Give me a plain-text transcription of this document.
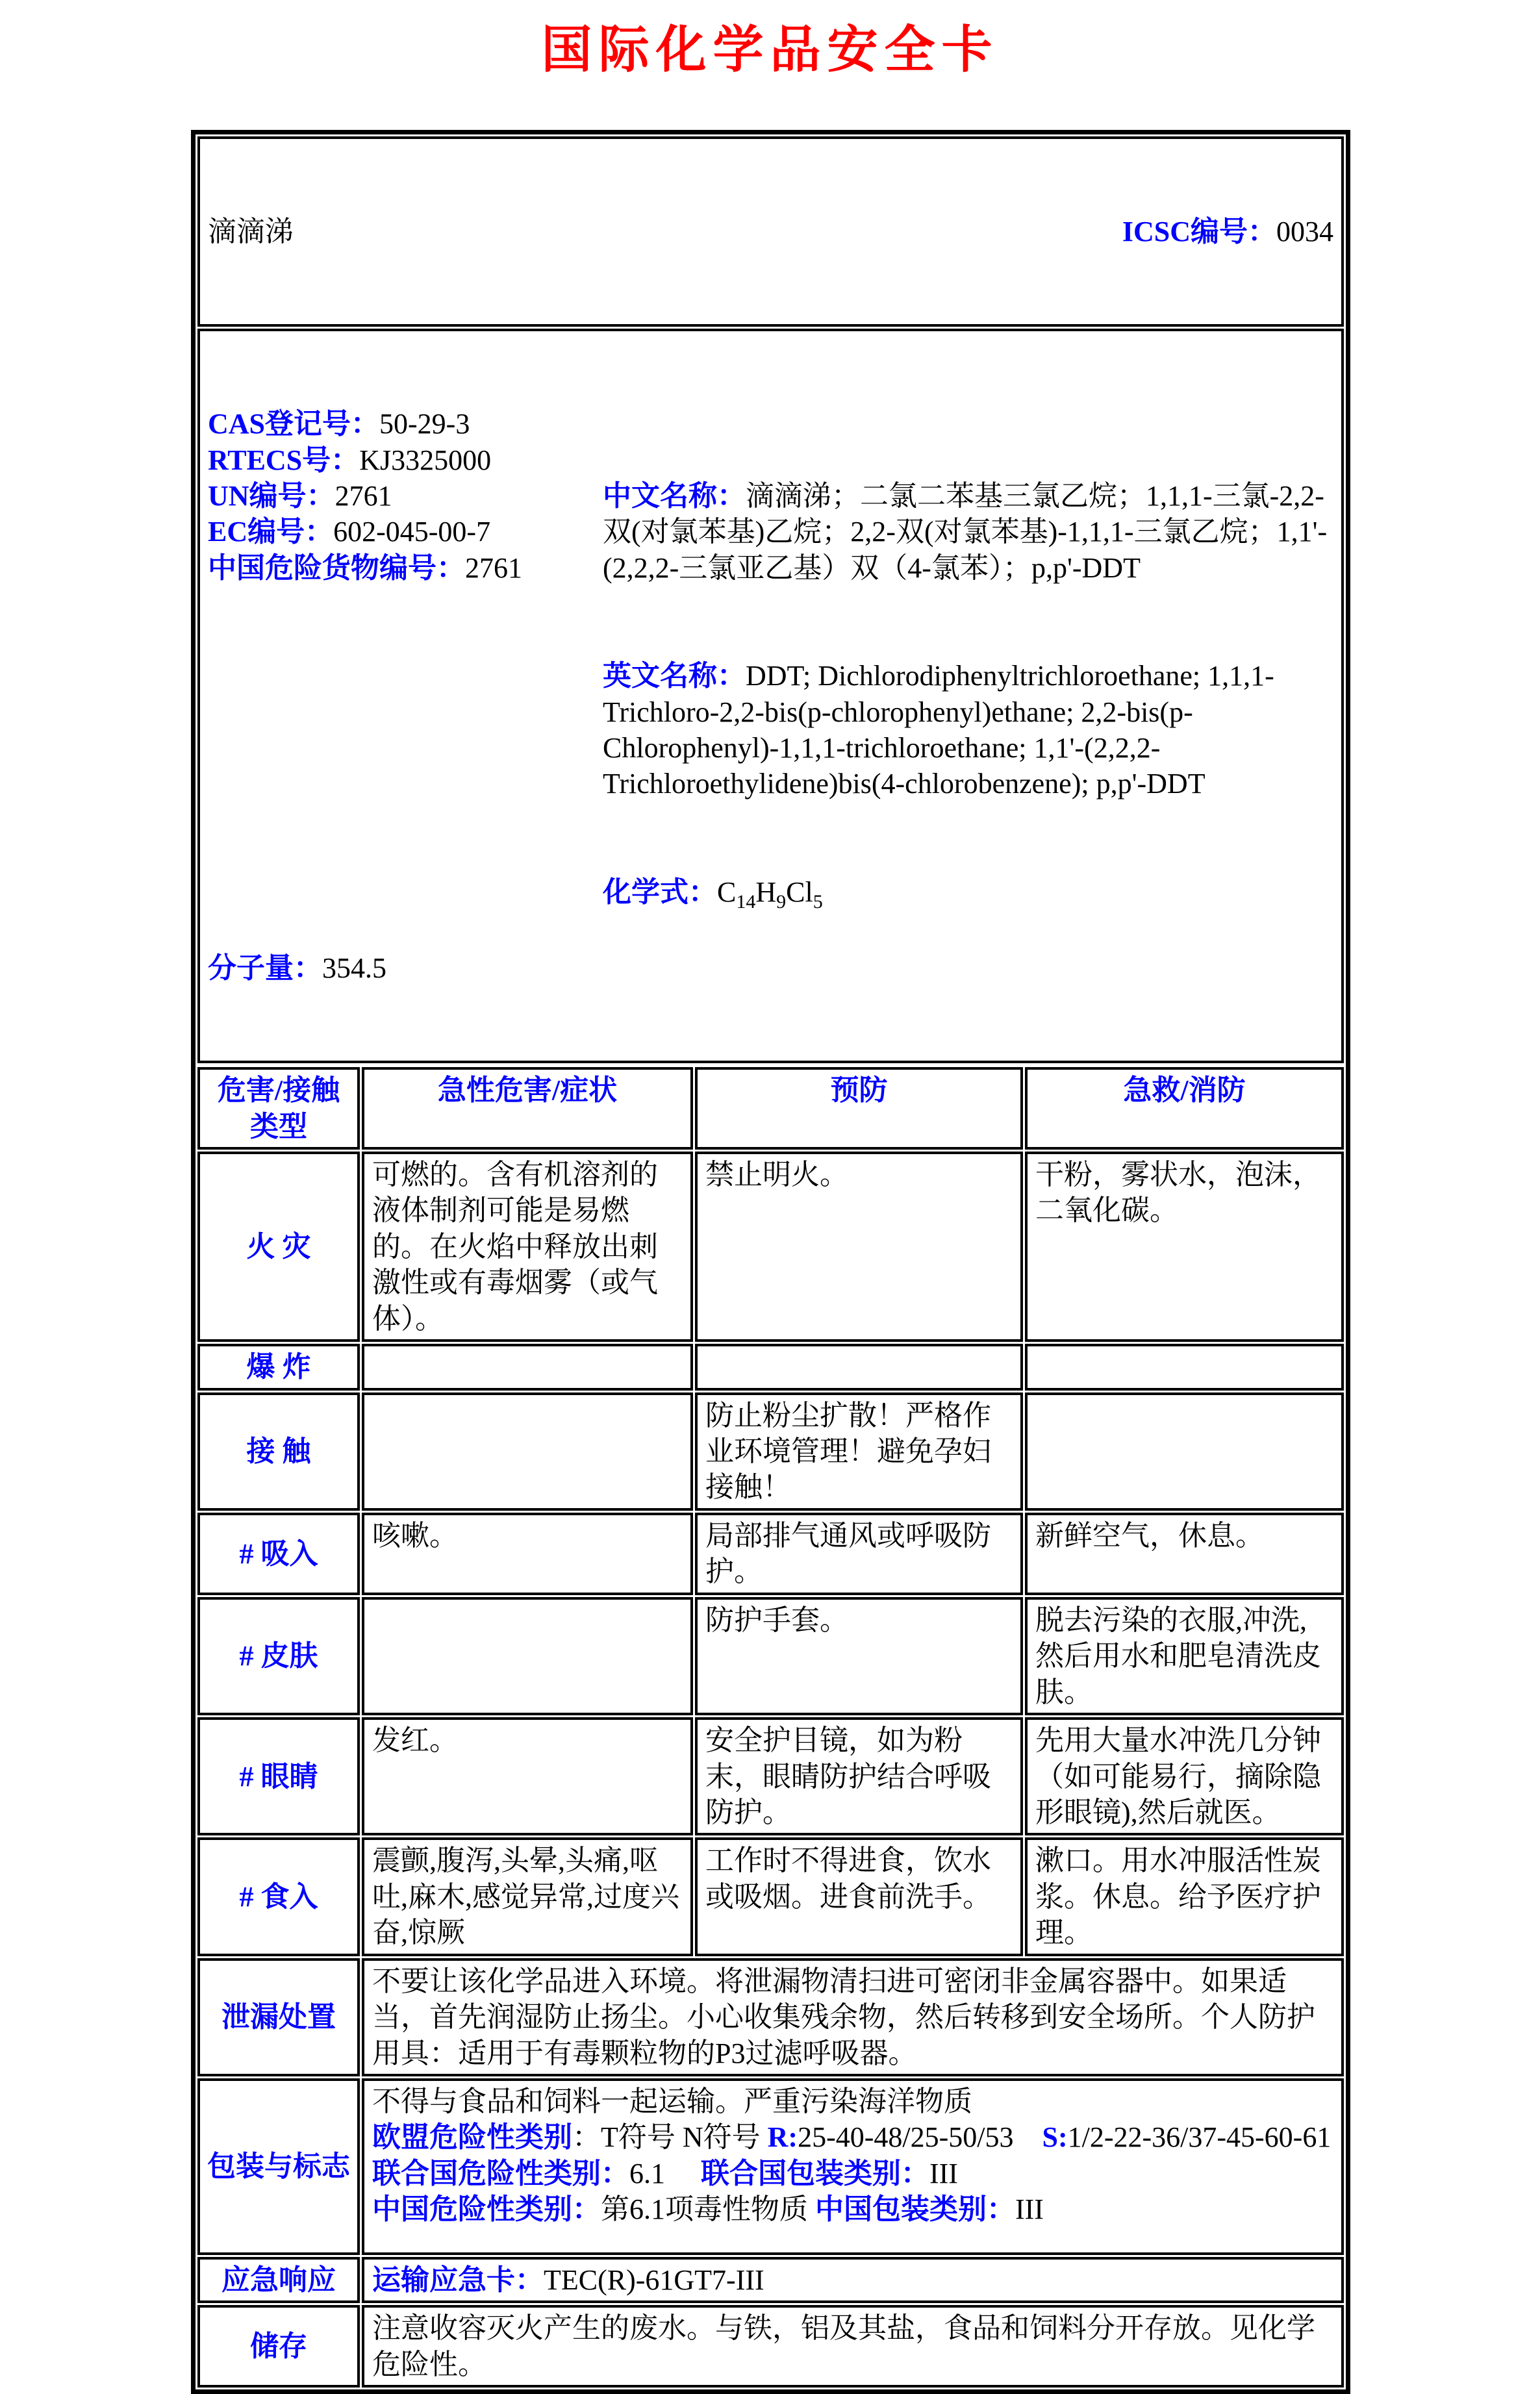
国际化学品安全卡

滴滴涕	ICSC编号：0034

CAS登记号：50-29-3
RTECS号：KJ3325000
UN编号：2761
EC编号：602-045-00-7
中国危险货物编号：2761
分子量：354.5

中文名称：滴滴涕；二氯二苯基三氯乙烷；1,1,1-三氯-2,2-双(对氯苯基)乙烷；2,2-双(对氯苯基)-1,1,1-三氯乙烷；1,1'-(2,2,2-三氯亚乙基）双（4-氯苯）；p,p'-DDT

英文名称：DDT; Dichlorodiphenyltrichloroethane; 1,1,1-Trichloro-2,2-bis(p-chlorophenyl)ethane; 2,2-bis(p-Chlorophenyl)-1,1,1-trichloroethane; 1,1'-(2,2,2-Trichloroethylidene)bis(4-chlorobenzene); p,p'-DDT

化学式：$C_{14}H_9Cl_5$

危害/接触类型	急性危害/症状	预防	急救/消防
火 灾	可燃的。含有机溶剂的液体制剂可能是易燃的。在火焰中释放出刺激性或有毒烟雾（或气体）。	禁止明火。	干粉，雾状水，泡沫，二氧化碳。
爆 炸			
接 触		防止粉尘扩散！严格作业环境管理！避免孕妇接触！	
# 吸入	咳嗽。	局部排气通风或呼吸防护。	新鲜空气，休息。
# 皮肤		防护手套。	脱去污染的衣服,冲洗,然后用水和肥皂清洗皮肤。
# 眼睛	发红。	安全护目镜，如为粉末，眼睛防护结合呼吸防护。	先用大量水冲洗几分钟（如可能易行，摘除隐形眼镜),然后就医。
# 食入	震颤,腹泻,头晕,头痛,呕吐,麻木,感觉异常,过度兴奋,惊厥	工作时不得进食，饮水或吸烟。进食前洗手。	漱口。用水冲服活性炭浆。休息。给予医疗护理。
泄漏处置	不要让该化学品进入环境。将泄漏物清扫进可密闭非金属容器中。如果适当，首先润湿防止扬尘。小心收集残余物，然后转移到安全场所。个人防护用具：适用于有毒颗粒物的P3过滤呼吸器。		

包装与标志	不得与食品和饲料一起运输。严重污染海洋物质
欧盟危险性类别：T符号 N符号 R:25-40-48/25-50/53    S:1/2-22-36/37-45-60-61
联合国危险性类别：6.1     联合国包装类别：III
中国危险性类别：第6.1项毒性物质 中国包装类别：III		

应急响应	运输应急卡：TEC(R)-61GT7-III		

储存	注意收容灭火产生的废水。与铁，铝及其盐，食品和饲料分开存放。见化学危险性。		
